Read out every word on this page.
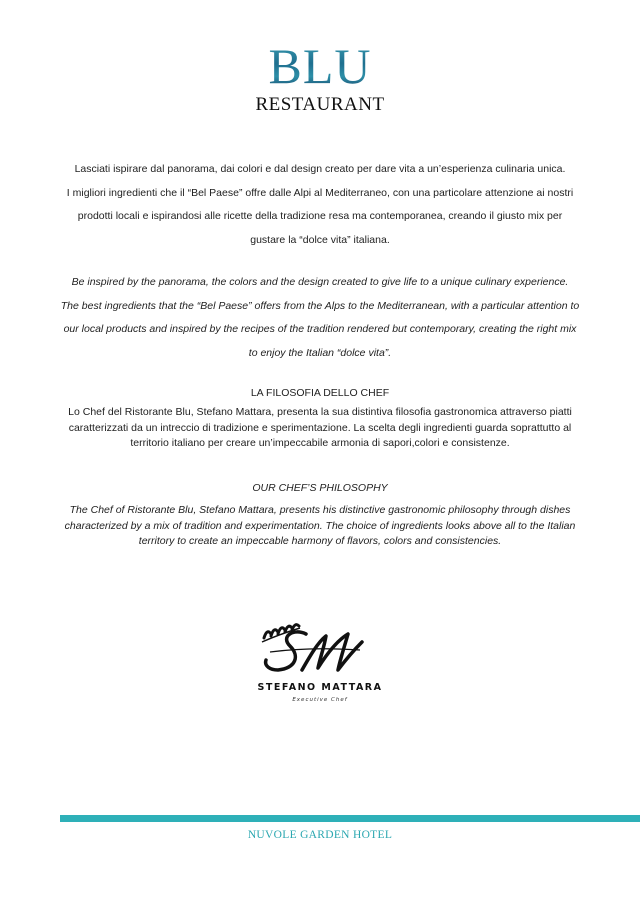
BLU
RESTAURANT
Lasciati ispirare dal panorama, dai colori e dal design creato per dare vita a un’esperienza culinaria unica.
I migliori ingredienti che il “Bel Paese” offre dalle Alpi al Mediterraneo, con una particolare attenzione ai nostri
prodotti locali e ispirandosi alle ricette della tradizione resa ma contemporanea, creando il giusto mix per
gustare la “dolce vita” italiana.
Be inspired by the panorama, the colors and the design created to give life to a unique culinary experience.
The best ingredients that the “Bel Paese” offers from the Alps to the Mediterranean, with a particular attention to
our local products and inspired by the recipes of the tradition rendered but contemporary, creating the right mix
to enjoy the Italian “dolce vita”.
LA FILOSOFIA DELLO CHEF
Lo Chef del Ristorante Blu, Stefano Mattara, presenta la sua distintiva filosofia gastronomica attraverso piatti
caratterizzati da un intreccio di tradizione e sperimentazione. La scelta degli ingredienti guarda soprattutto al
territorio italiano per creare un’impeccabile armonia di sapori,colori e consistenze.
OUR CHEF’S PHILOSOPHY
The Chef of Ristorante Blu, Stefano Mattara, presents his distinctive gastronomic philosophy through dishes
characterized by a mix of tradition and experimentation. The choice of ingredients looks above all to the Italian
territory to create an impeccable harmony of flavors, colors and consistencies.
STEFANO MATTARA
Executive Chef
NUVOLE GARDEN HOTEL
